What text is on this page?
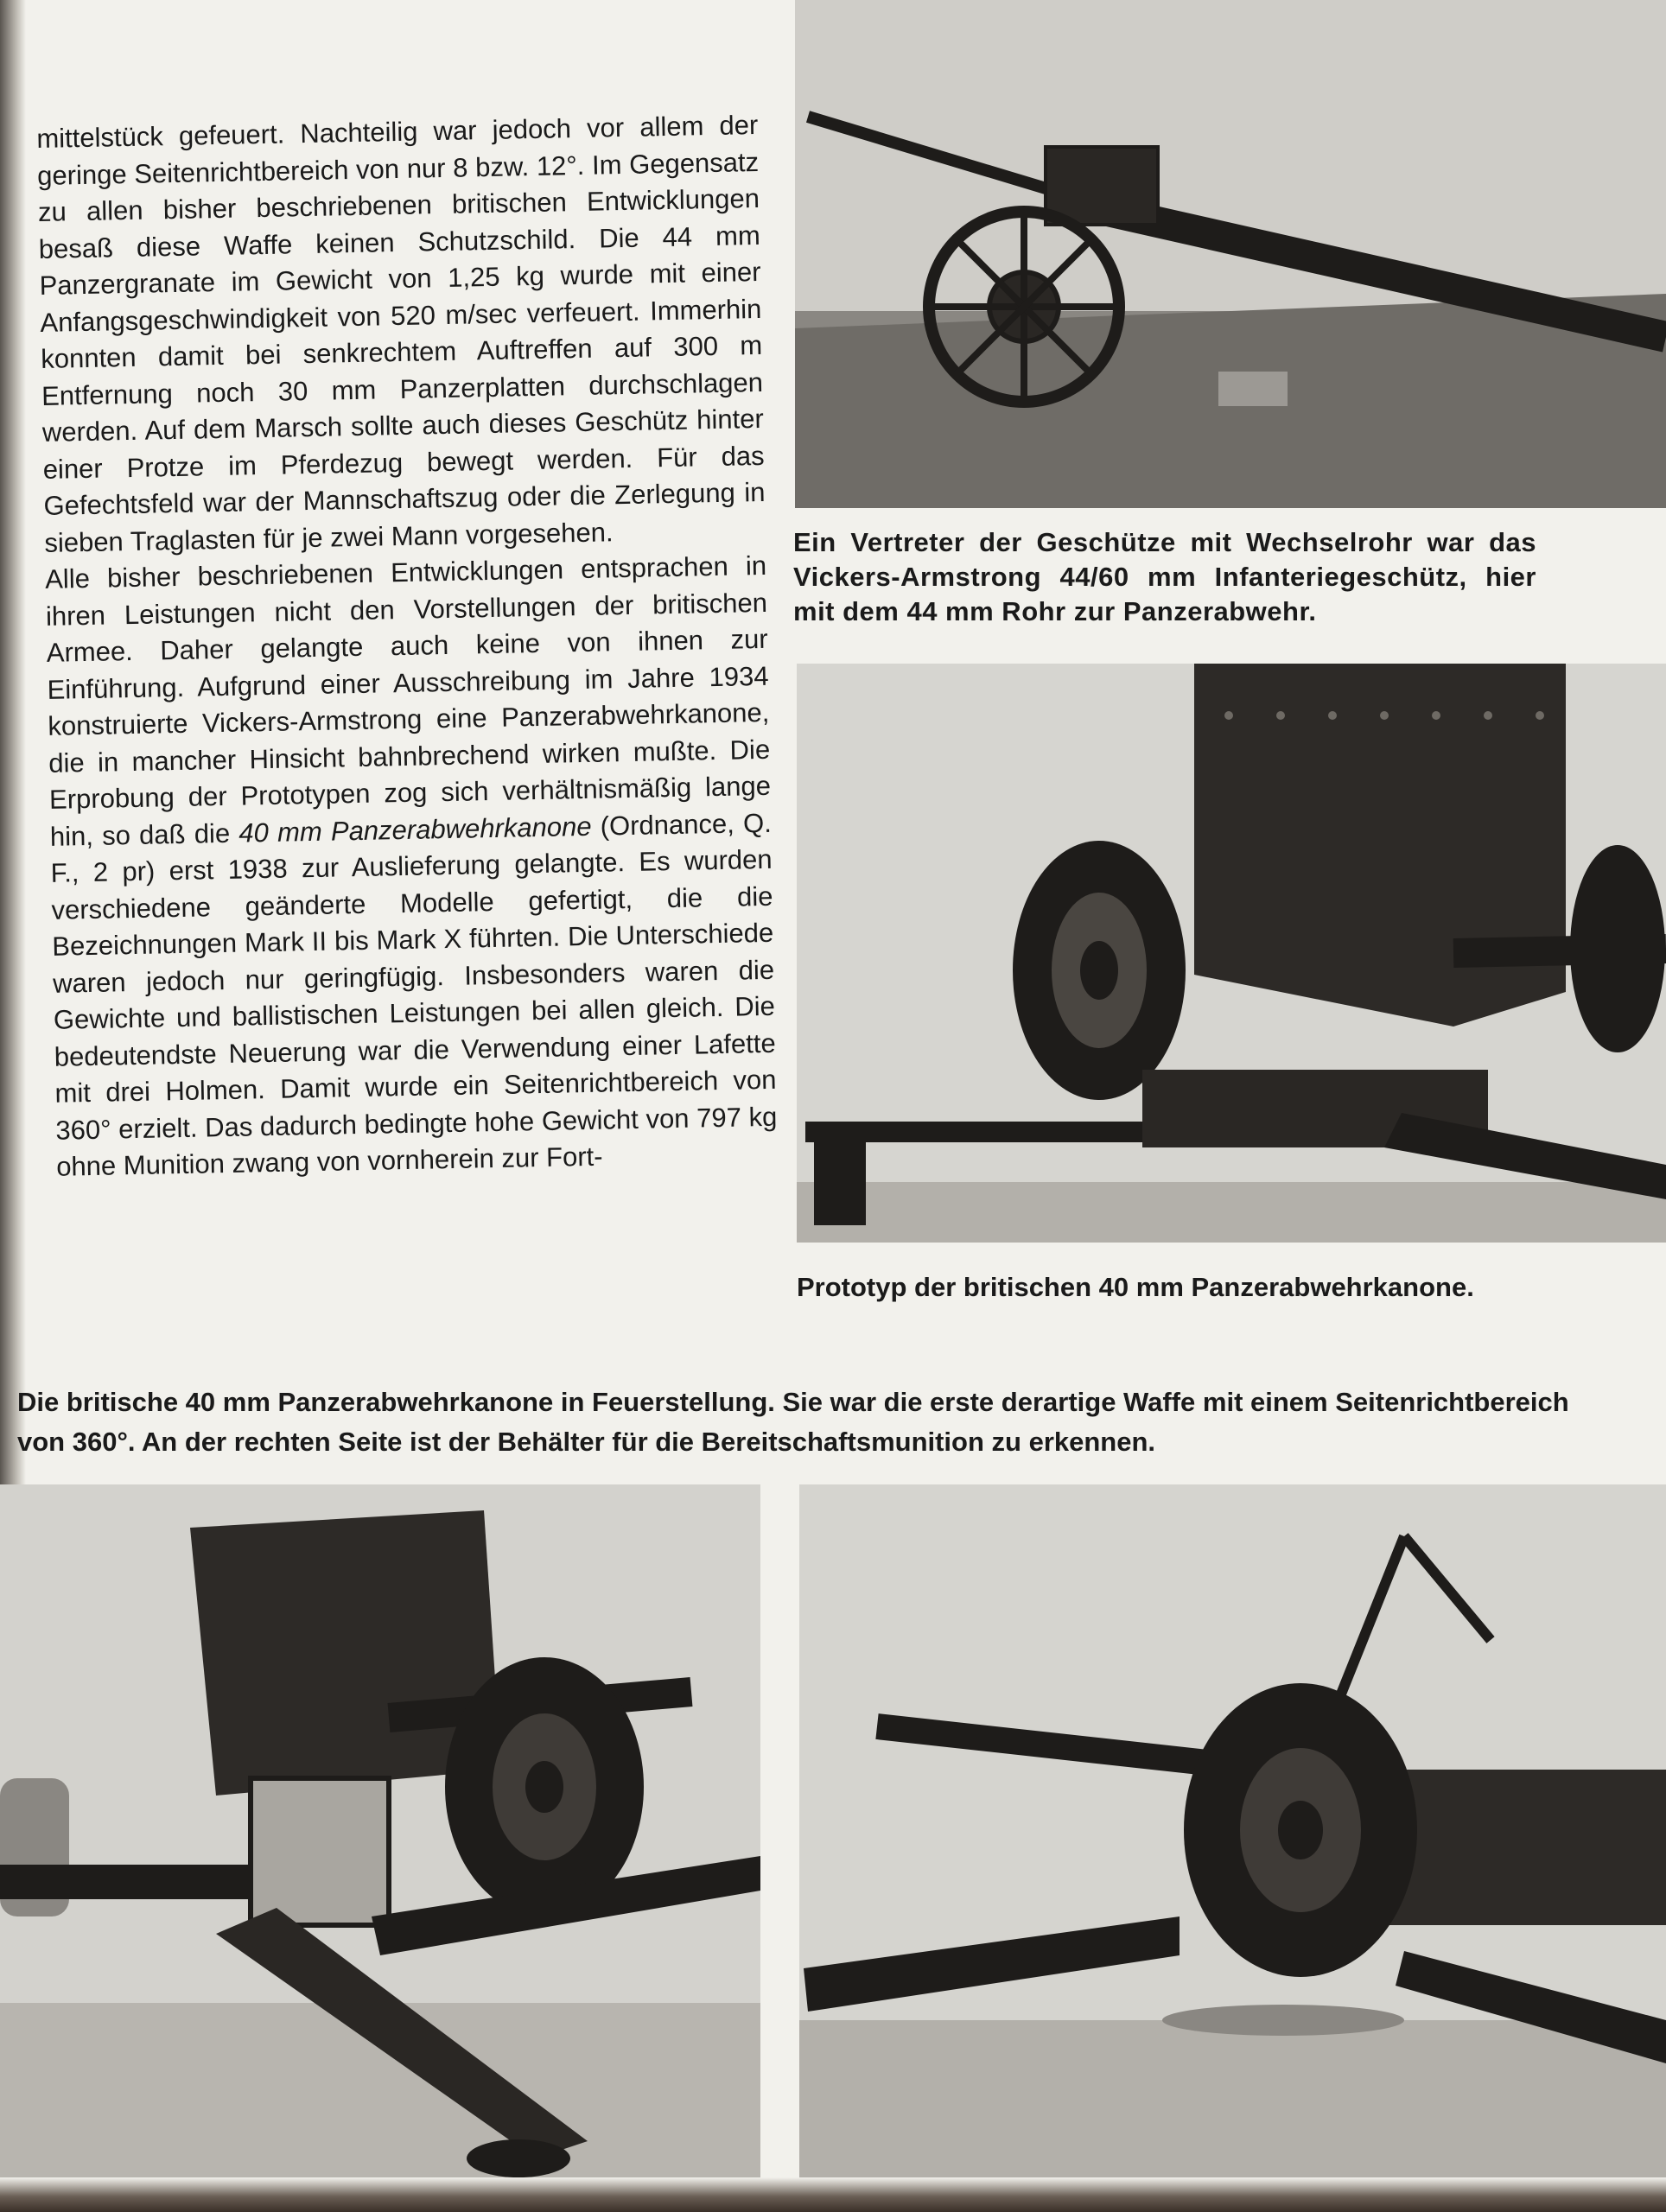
mittelstück gefeuert. Nachteilig war jedoch vor allem der geringe Seitenrichtbereich von nur 8 bzw. 12°. Im Gegensatz zu allen bisher beschriebenen britischen Entwicklungen besaß diese Waffe keinen Schutzschild. Die 44 mm Panzergranate im Gewicht von 1,25 kg wurde mit einer Anfangsgeschwindigkeit von 520 m/sec verfeuert. Immerhin konnten damit bei senkrechtem Auftreffen auf 300 m Entfernung noch 30 mm Panzerplatten durchschlagen werden. Auf dem Marsch sollte auch dieses Geschütz hinter einer Protze im Pferdezug bewegt werden. Für das Gefechtsfeld war der Mannschaftszug oder die Zerlegung in sieben Traglasten für je zwei Mann vorgesehen.

Alle bisher beschriebenen Entwicklungen entsprachen in ihren Leistungen nicht den Vorstellungen der britischen Armee. Daher gelangte auch keine von ihnen zur Einführung. Aufgrund einer Ausschreibung im Jahre 1934 konstruierte Vickers-Armstrong eine Panzerabwehrkanone, die in mancher Hinsicht bahnbrechend wirken mußte. Die Erprobung der Prototypen zog sich verhältnismäßig lange hin, so daß die 40 mm Panzerabwehrkanone (Ordnance, Q. F., 2 pr) erst 1938 zur Auslieferung gelangte. Es wurden verschiedene geänderte Modelle gefertigt, die die Bezeichnungen Mark II bis Mark X führten. Die Unterschiede waren jedoch nur geringfügig. Insbesonders waren die Gewichte und ballistischen Leistungen bei allen gleich. Die bedeutendste Neuerung war die Verwendung einer Lafette mit drei Holmen. Damit wurde ein Seitenrichtbereich von 360° erzielt. Das dadurch bedingte hohe Gewicht von 797 kg ohne Munition zwang von vornherein zur Fort-

Ein Vertreter der Geschütze mit Wechselrohr war das Vickers-Armstrong 44/60 mm Infanteriegeschütz, hier mit dem 44 mm Rohr zur Panzerabwehr.
Prototyp der britischen 40 mm Panzerabwehrkanone.
Die britische 40 mm Panzerabwehrkanone in Feuerstellung. Sie war die erste derartige Waffe mit einem Seitenrichtbereich von 360°. An der rechten Seite ist der Behälter für die Bereitschaftsmunition zu erkennen.
